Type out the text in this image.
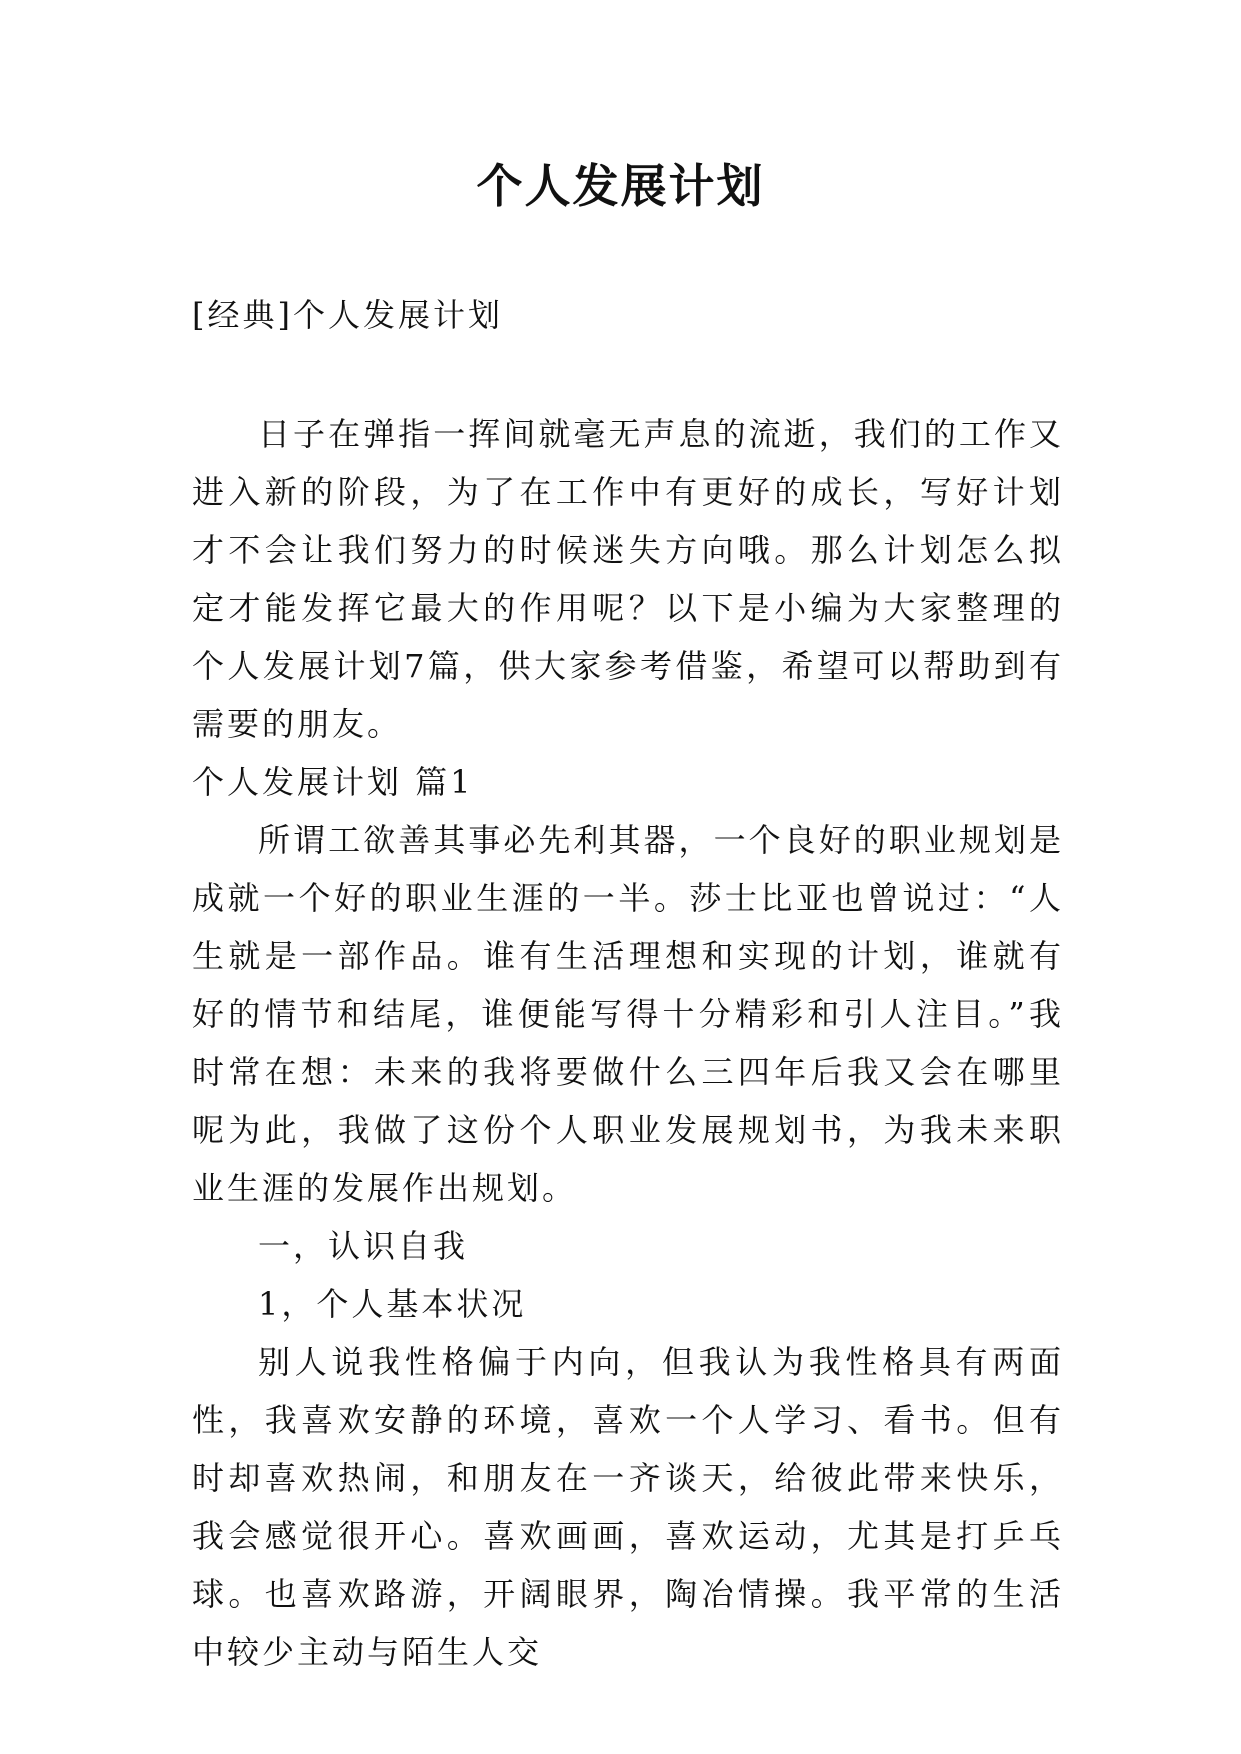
个人发展计划
[经典]个人发展计划

日子在弹指一挥间就毫无声息的流逝，我们的工作又进入新的阶段，为了在工作中有更好的成长，写好计划才不会让我们努力的时候迷失方向哦。那么计划怎么拟定才能发挥它最大的作用呢？以下是小编为大家整理的个人发展计划7篇，供大家参考借鉴，希望可以帮助到有需要的朋友。

个人发展计划 篇1

所谓工欲善其事必先利其器，一个良好的职业规划是成就一个好的职业生涯的一半。莎士比亚也曾说过：“人生就是一部作品。谁有生活理想和实现的计划，谁就有好的情节和结尾，谁便能写得十分精彩和引人注目。”我时常在想：未来的我将要做什么三四年后我又会在哪里呢为此，我做了这份个人职业发展规划书，为我未来职业生涯的发展作出规划。

一，认识自我

1，个人基本状况

别人说我性格偏于内向，但我认为我性格具有两面性，我喜欢安静的环境，喜欢一个人学习、看书。但有时却喜欢热闹，和朋友在一齐谈天，给彼此带来快乐，我会感觉很开心。喜欢画画，喜欢运动，尤其是打乒乓球。也喜欢路游，开阔眼界，陶冶情操。我平常的生活中较少主动与陌生人交
